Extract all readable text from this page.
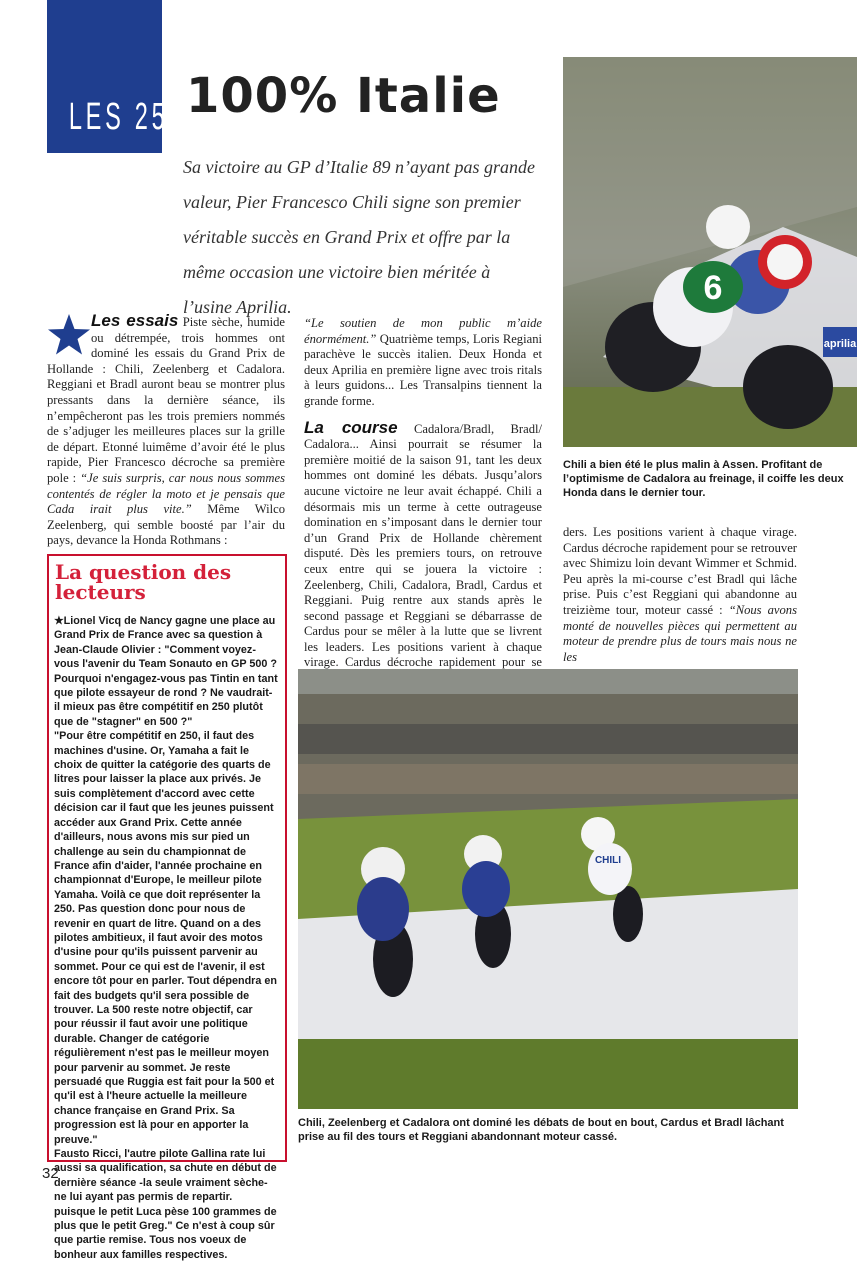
LES 250 100% Italie
Sa victoire au GP d’Italie 89 n’ayant pas grande valeur, Pier Francesco Chili signe son premier véritable succès en Grand Prix et offre par la même occasion une victoire bien méritée à l’usine Aprilia.
Les essais Piste sèche, humide ou détrempée, trois hommes ont dominé les essais du Grand Prix de Hollande : Chili, Zeelenberg et Cadalora. Reggiani et Bradl auront beau se montrer plus pressants dans la dernière séance, ils n’empêcheront pas les trois premiers nommés de s’adjuger les meilleures places sur la grille de départ. Etonné luimême d’avoir été le plus rapide, Pier Francesco décroche sa première pole : “Je suis surpris, car nous nous sommes contentés de régler la moto et je pensais que Cada irait plus vite.” Même Wilco Zeelenberg, qui semble boosté par l’air du pays, devance la Honda Rothmans :
“Le soutien de mon public m’aide énormément.” Quatrième temps, Loris Regiani parachève le succès italien. Deux Honda et deux Aprilia en première ligne avec trois ritals à leurs guidons... Les Transalpins tiennent la grande forme.
La course Cadalora/Bradl, Bradl/ Cadalora... Ainsi pourrait se résumer la première moitié de la saison 91, tant les deux hommes ont dominé les débats. Jusqu’alors aucune victoire ne leur avait échappé. Chili a désormais mis un terme à cette outrageuse domination en s’imposant dans le dernier tour d’un Grand Prix de Hollande chèrement disputé. Dès les premiers tours, on retrouve ceux entre qui se jouera la victoire : Zeelenberg, Chili, Cadalora, Bradl, Cardus et Reggiani. Puig rentre aux stands après le second passage et Reggiani se débarrasse de Cardus pour se mêler à la lutte que se livrent les leaders. Les positions varient à chaque virage. Cardus décroche rapidement pour se
La question des lecteurs
★Lionel Vicq de Nancy gagne une place au Grand Prix de France avec sa question à Jean-Claude Olivier : "Comment voyez-vous l'avenir du Team Sonauto en GP 500 ? Pourquoi n'engagez-vous pas Tintin en tant que pilote essayeur de rond ? Ne vaudrait-il mieux pas être compétitif en 250 plutôt que de "stagner" en 500 ?"
"Pour être compétitif en 250, il faut des machines d'usine. Or, Yamaha a fait le choix de quitter la catégorie des quarts de litres pour laisser la place aux privés. Je suis complètement d'accord avec cette décision car il faut que les jeunes puissent accéder aux Grand Prix. Cette année d'ailleurs, nous avons mis sur pied un challenge au sein du championnat de France afin d'aider, l'année prochaine en championnat d'Europe, le meilleur pilote Yamaha. Voilà ce que doit représenter la 250. Pas question donc pour nous de revenir en quart de litre. Quand on a des pilotes ambitieux, il faut avoir des motos d'usine pour qu'ils puissent parvenir au sommet. Pour ce qui est de l'avenir, il est encore tôt pour en parler. Tout dépendra en fait des budgets qu'il sera possible de trouver. La 500 reste notre objectif, car pour réussir il faut avoir une politique durable. Changer de catégorie régulièrement n'est pas le meilleur moyen pour parvenir au sommet. Je reste persuadé que Ruggia est fait pour la 500 et qu'il est à l'heure actuelle la meilleure chance française en Grand Prix. Sa progression est là pour en apporter la preuve."
Fausto Ricci, l'autre pilote Gallina rate lui aussi sa qualification, sa chute en début de dernière séance -la seule vraiment sèche- ne lui ayant pas permis de repartir.
puisque le petit Luca pèse 100 grammes de plus que le petit Greg." Ce n'est à coup sûr que partie remise. Tous nos voeux de bonheur aux familles respectives.
6
aprilia
Chili a bien été le plus malin à Assen. Profitant de l’optimisme de Cadalora au freinage, il coiffe les deux Honda dans le dernier tour.
ders. Les positions varient à chaque virage. Cardus décroche rapidement pour se retrouver avec Shimizu loin devant Wimmer et Schmid. Peu après la mi-course c’est Bradl qui lâche prise. Puis c’est Reggiani qui abandonne au treizième tour, moteur cassé : “Nous avons monté de nouvelles pièces qui permettent au moteur de prendre plus de tours mais nous ne les
CHILI
Chili, Zeelenberg et Cadalora ont dominé les débats de bout en bout, Cardus et Bradl lâchant prise au fil des tours et Reggiani abandonnant moteur cassé.
32
